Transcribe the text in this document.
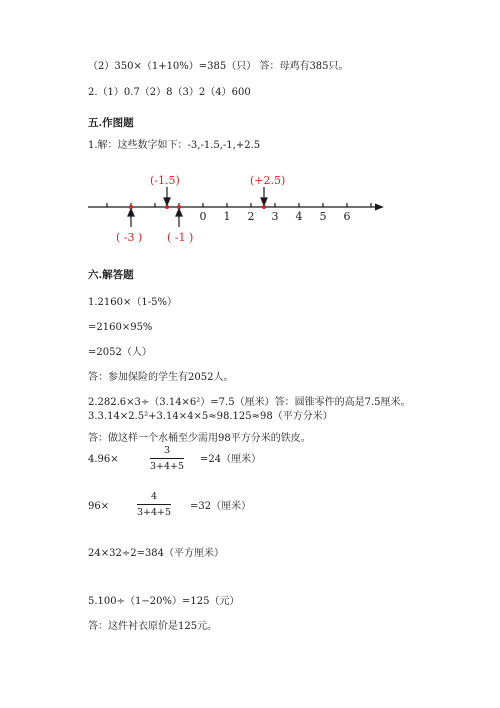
（2）350×（1+10%）=385（只） 答：母鸡有385只。
2.（1）0.7（2）8（3）2（4）600
五.作图题
1.解：这些数字如下：-3,-1.5,-1,+2.5
0 1 2 3 4 5 6
(-1.5)	(+2.5)
( -3 ) ( -1 )
六.解答题
1.2160×（1-5%）
=2160×95%
=2052（人）
答：参加保险的学生有2052人。
2.282.6×3÷（3.14×6²）=7.5（厘米）答：圆锥零件的高是7.5厘米。
3.3.14×2.5²+3.14×4×5≈98.125≈98（平方分米）
答：做这样一个水桶至少需用98平方分米的铁皮。
4.96×	$\frac{3}{3+4+5} =24$（厘米）
96×	$\frac{4}{3+4+5} =32$（厘米）
24×32÷2=384（平方厘米）
5.100÷（1−20%）=125（元）
答：这件衬衣原价是125元。
